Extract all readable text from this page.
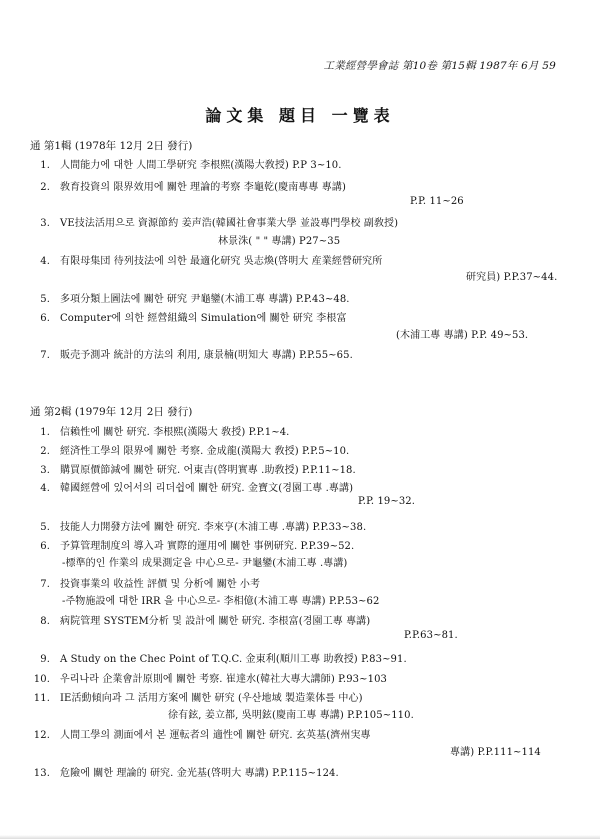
工業經營學會誌 第10卷 第15輯 1987年 6月 59
論文集 題目 一覽表
通 第1輯 (1978年 12月 2日 發行)
1. 人間能力에 대한 人間工學研究 李根熙(漢陽大敎授) P.P 3~10.
2. 敎育投資의 限界效用에 關한 理論的考察 李龜乾(慶南專專 專講)
P.P. 11~26
3. VE技法活用으로 資源節約 姜声浩(韓國社會事業大學 並設專門學校 副敎授)
林景洙( " " 專講) P27~35
4. 有限母集団 待列技法에 의한 最適化研究 吳志煥(啓明大 産業經營研究所
研究員) P.P.37~44.
5. 多項分類上圖法에 關한 研究 尹龜鑾(木浦工專 專講) P.P.43~48.
6. Computer에 의한 經營組織의 Simulation에 關한 研究 李根富
(木浦工專 專講) P.P. 49~53.
7. 販売予測과 統計的方法의 利用, 康景楠(明知大 專講) P.P.55~65.
通 第2輯 (1979年 12月 2日 發行)
1. 信賴性에 關한 研究. 李根熙(漢陽大 敎授) P.P.1~4.
2. 經済性工學의 限界에 關한 考察. 金成龍(漢陽大 敎授) P.P.5~10.
3. 購買原價節減에 關한 研究. 어東吉(啓明實專 .助敎授) P.P.11~18.
4. 韓國經營에 있어서의 리더쉽에 關한 研究. 金寶文(경園工專 .專講)
P.P. 19~32.
5. 技能人力開發方法에 關한 研究. 李來亨(木浦工專 .專講) P.P.33~38.
6. 予算管理制度의 導入과 實際的運用에 關한 事例研究. P.P.39~52.
-標準的인 作業의 成果測定을 中心으로- 尹龜鑾(木浦工專 .專講)
7. 投資事業의 收益性 評價 및 分析에 關한 小考
-주物施設에 대한 IRR 을 中心으로- 李相億(木浦工專 專講) P.P.53~62
8. 病院管理 SYSTEM分析 및 設計에 關한 研究. 李根富(경園工專 專講)
P.P.63~81.
9. A Study on the Chec Point of T.Q.C. 金東利(順川工專 助敎授) P.83~91.
10. 우리나라 企業會計原則에 關한 考察. 崔達水(韓社大專大講師) P.93~103
11. IE活動傾向과 그 活用方案에 關한 研究 (우산地域 製造業体를 中心)
徐有鉉, 姜立都, 吳明鉉(慶南工專 專講) P.P.105~110.
12. 人間工學의 測面에서 본 運転者의 適性에 關한 研究. 玄英基(濟州実專
專講) P.P.111~114
13. 危險에 關한 理論的 研究. 金光基(啓明大 專講) P.P.115~124.
